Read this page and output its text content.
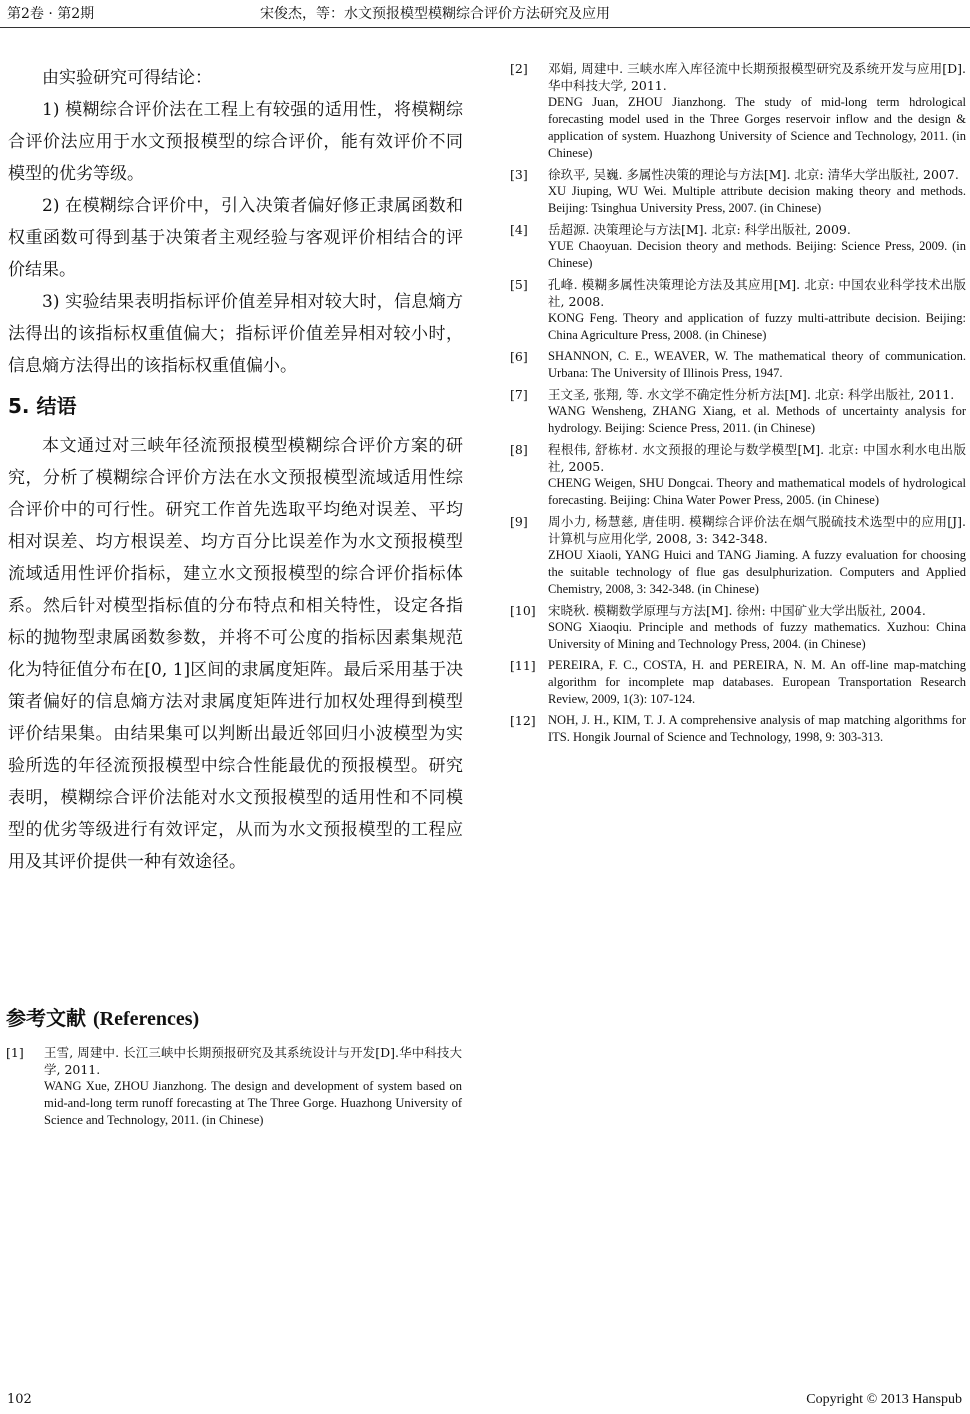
第2卷 · 第2期	宋俊杰，等：水文预报模型模糊综合评价方法研究及应用

由实验研究可得结论：

1) 模糊综合评价法在工程上有较强的适用性，将模糊综合评价法应用于水文预报模型的综合评价，能有效评价不同模型的优劣等级。

2) 在模糊综合评价中，引入决策者偏好修正隶属函数和权重函数可得到基于决策者主观经验与客观评价相结合的评价结果。

3) 实验结果表明指标评价值差异相对较大时，信息熵方法得出的该指标权重值偏大；指标评价值差异相对较小时，信息熵方法得出的该指标权重值偏小。

5. 结语

本文通过对三峡年径流预报模型模糊综合评价方案的研究，分析了模糊综合评价方法在水文预报模型流域适用性综合评价中的可行性。研究工作首先选取平均绝对误差、平均相对误差、均方根误差、均方百分比误差作为水文预报模型流域适用性评价指标，建立水文预报模型的综合评价指标体系。然后针对模型指标值的分布特点和相关特性，设定各指标的抛物型隶属函数参数，并将不可公度的指标因素集规范化为特征值分布在[0, 1]区间的隶属度矩阵。最后采用基于决策者偏好的信息熵方法对隶属度矩阵进行加权处理得到模型评价结果集。由结果集可以判断出最近邻回归小波模型为实验所选的年径流预报模型中综合性能最优的预报模型。研究表明，模糊综合评价法能对水文预报模型的适用性和不同模型的优劣等级进行有效评定，从而为水文预报模型的工程应用及其评价提供一种有效途径。

参考文献 (References)
[1]	王雪, 周建中. 长江三峡中长期预报研究及其系统设计与开发[D].华中科技大学, 2011.

WANG Xue, ZHOU Jianzhong. The design and development of system based on mid-and-long term runoff forecasting at The Three Gorge. Huazhong University of Science and Technology, 2011. (in Chinese)

[2]	邓娟, 周建中. 三峡水库入库径流中长期预报模型研究及系统开发与应用[D]. 华中科技大学, 2011.

DENG Juan, ZHOU Jianzhong. The study of mid-long term hdrological forecasting model used in the Three Gorges reservoir inflow and the design & application of system. Huazhong University of Science and Technology, 2011. (in Chinese)

[3]	徐玖平, 吴巍. 多属性决策的理论与方法[M]. 北京: 清华大学出版社, 2007.

XU Jiuping, WU Wei. Multiple attribute decision making theory and methods. Beijing: Tsinghua University Press, 2007. (in Chinese)

[4]	岳超源. 决策理论与方法[M]. 北京: 科学出版社, 2009.

YUE Chaoyuan. Decision theory and methods. Beijing: Science Press, 2009. (in Chinese)

[5]	孔峰. 模糊多属性决策理论方法及其应用[M]. 北京: 中国农业科学技术出版社, 2008.

KONG Feng. Theory and application of fuzzy multi-attribute decision. Beijing: China Agriculture Press, 2008. (in Chinese)

[6]	SHANNON, C. E., WEAVER, W. The mathematical theory of communication. Urbana: The University of Illinois Press, 1947.

[7]	王文圣, 张翔, 等. 水文学不确定性分析方法[M]. 北京: 科学出版社, 2011.

WANG Wensheng, ZHANG Xiang, et al. Methods of uncertainty analysis for hydrology. Beijing: Science Press, 2011. (in Chinese)

[8]	程根伟, 舒栋材. 水文预报的理论与数学模型[M]. 北京: 中国水利水电出版社, 2005.

CHENG Weigen, SHU Dongcai. Theory and mathematical models of hydrological forecasting. Beijing: China Water Power Press, 2005. (in Chinese)

[9]	周小力, 杨慧慈, 唐佳明. 模糊综合评价法在烟气脱硫技术选型中的应用[J]. 计算机与应用化学, 2008, 3: 342-348.

ZHOU Xiaoli, YANG Huici and TANG Jiaming. A fuzzy evaluation for choosing the suitable technology of flue gas desulphurization. Computers and Applied Chemistry, 2008, 3: 342-348. (in Chinese)

[10] 宋晓秋. 模糊数学原理与方法[M]. 徐州: 中国矿业大学出版社, 2004.

SONG Xiaoqiu. Principle and methods of fuzzy mathematics. Xuzhou: China University of Mining and Technology Press, 2004. (in Chinese)

[11] PEREIRA, F. C., COSTA, H. and PEREIRA, N. M. An off-line map-matching algorithm for incomplete map databases. European Transportation Research Review, 2009, 1(3): 107-124.

[12] NOH, J. H., KIM, T. J. A comprehensive analysis of map matching algorithms for ITS. Hongik Journal of Science and Technology, 1998, 9: 303-313.

102	Copyright © 2013 Hanspub
